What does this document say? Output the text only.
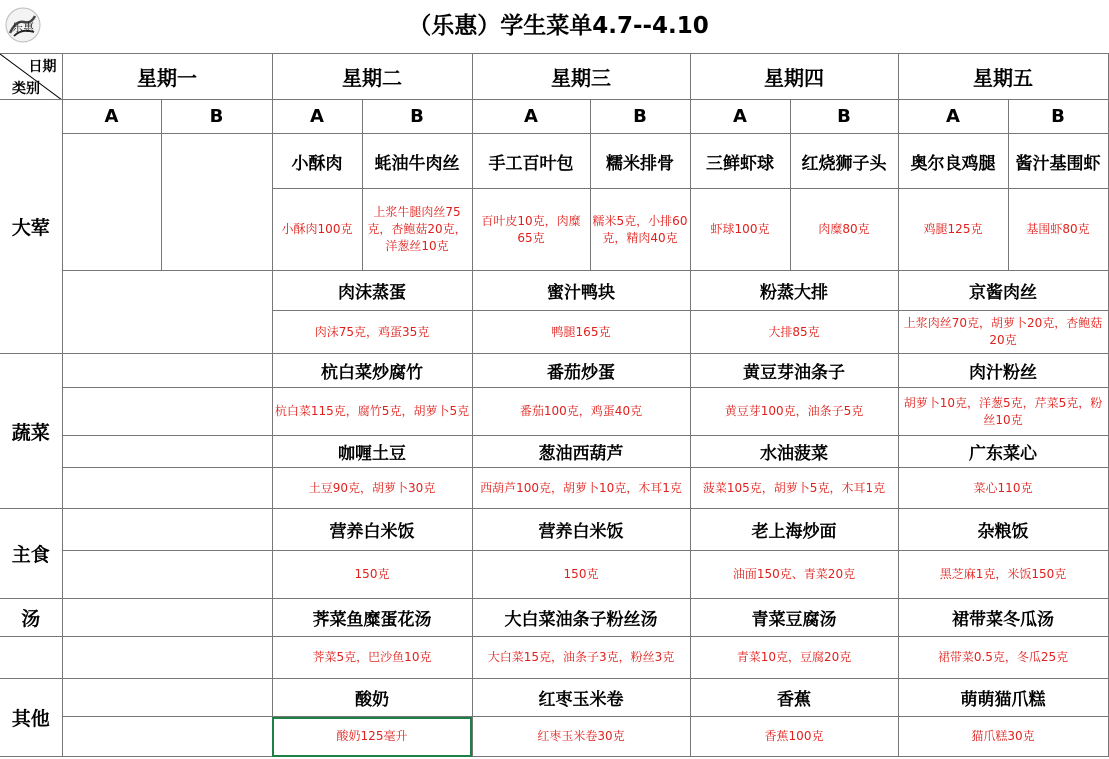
乐惠	（乐惠）学生菜单4.7--4.10
日期
类别	星期一		星期二		星期三		星期四		星期五	
大荤	A	B	A	B	A	B	A	B	A	B
			小酥肉	蚝油牛肉丝	手工百叶包	糯米排骨	三鲜虾球	红烧狮子头	奥尔良鸡腿	酱汁基围虾
			小酥肉100克	上浆牛腿肉丝75克，杏鲍菇20克，洋葱丝10克	百叶皮10克，肉糜65克	糯米5克，小排60克，精肉40克	虾球100克	肉糜80克	鸡腿125克	基围虾80克
			肉沫蒸蛋		蜜汁鸭块		粉蒸大排		京酱肉丝	
			肉沫75克，鸡蛋35克		鸭腿165克		大排85克		上浆肉丝70克，胡萝卜20克，杏鲍菇20克	
蔬菜			杭白菜炒腐竹		番茄炒蛋		黄豆芽油条子		肉汁粉丝	
			杭白菜115克，腐竹5克，胡萝卜5克		番茄100克，鸡蛋40克		黄豆芽100克，油条子5克		胡萝卜10克，洋葱5克，芹菜5克，粉丝10克	
			咖喱土豆		葱油西葫芦		水油菠菜		广东菜心	
			土豆90克，胡萝卜30克		西葫芦100克，胡萝卜10克，木耳1克		菠菜105克，胡萝卜5克，木耳1克		菜心110克	
主食			营养白米饭		营养白米饭		老上海炒面		杂粮饭	
			150克		150克		油面150克、青菜20克		黑芝麻1克，米饭150克	
汤			荠菜鱼糜蛋花汤		大白菜油条子粉丝汤		青菜豆腐汤		裙带菜冬瓜汤	
			荠菜5克，巴沙鱼10克		大白菜15克，油条子3克，粉丝3克		青菜10克，豆腐20克		裙带菜0.5克，冬瓜25克	
其他			酸奶		红枣玉米卷		香蕉		萌萌猫爪糕	
			酸奶125毫升		红枣玉米卷30克		香蕉100克		猫爪糕30克	
